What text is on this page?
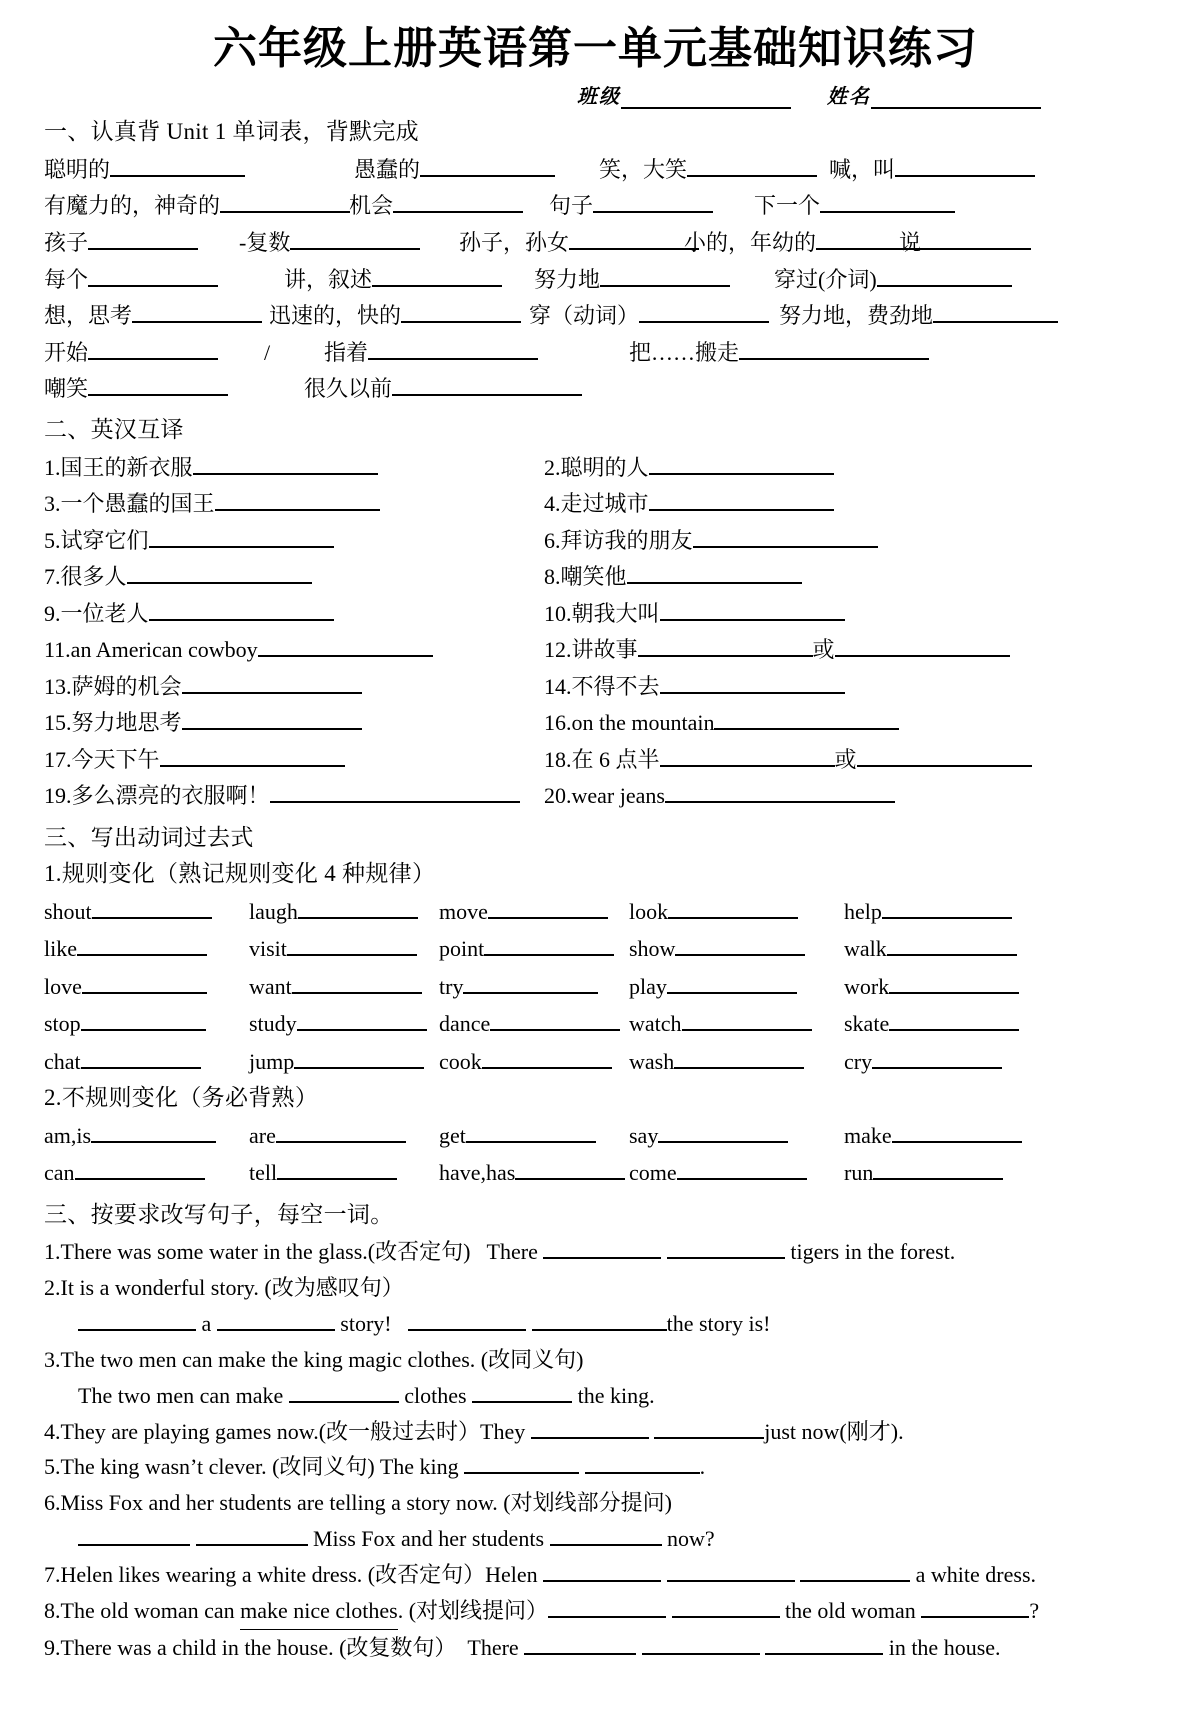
六年级上册英语第一单元基础知识练习
班级	姓名
一、认真背 Unit 1 单词表，背默完成
聪明的	愚蠢的	笑，大笑	喊，叫
有魔力的，神奇的	机会	句子	下一个
孩子	-复数	孙子，孙女	小的，年幼的	说
每个	讲，叙述	努力地	穿过(介词)
想，思考	迅速的，快的	穿（动词）	努力地，费劲地
开始	/ 指着	把……搬走
嘲笑	很久以前
二、英汉互译
1.国王的新衣服	2.聪明的人
3.一个愚蠢的国王	4.走过城市
5.试穿它们	6.拜访我的朋友
7.很多人	8.嘲笑他
9.一位老人	10.朝我大叫
11.an American cowboy	12.讲故事	或
13.萨姆的机会	14.不得不去
15.努力地思考	16.on the mountain
17.今天下午	18.在 6 点半	或
19.多么漂亮的衣服啊！	20.wear jeans
三、写出动词过去式
1.规则变化（熟记规则变化 4 种规律）
shout	laugh	move	look	help
like	visit	point	show	walk
love	want	try	play	work
stop	study	dance	watch	skate
chat	jump	cook	wash	cry
2.不规则变化（务必背熟）
am,is	are	get	say	make
can	tell	have,has	come	run
三、按要求改写句子，每空一词。
1. There was some water in the glass.(改否定句)   There
	tigers in the forest.
2. It is a wonderful story. (改为感叹句）
a	story!
	the story is!
3. The two men can make the king magic clothes. (改同义句)
The two men can make	clothes	the king.
4. They are playing games now.(改一般过去时）They
	just now(刚才).
5. The king wasn’t clever. (改同义句) The king
	.
6. Miss Fox and her students are telling a story now. (对划线部分提问)

Miss Fox and her students	now?
7. Helen likes wearing a white dress. (改否定句）Helen

	a white dress.
8. The old woman can make nice clothes . (对划线提问）
	the old woman	?
9. There was a child in the house. (改复数句）  There

	in the house.
